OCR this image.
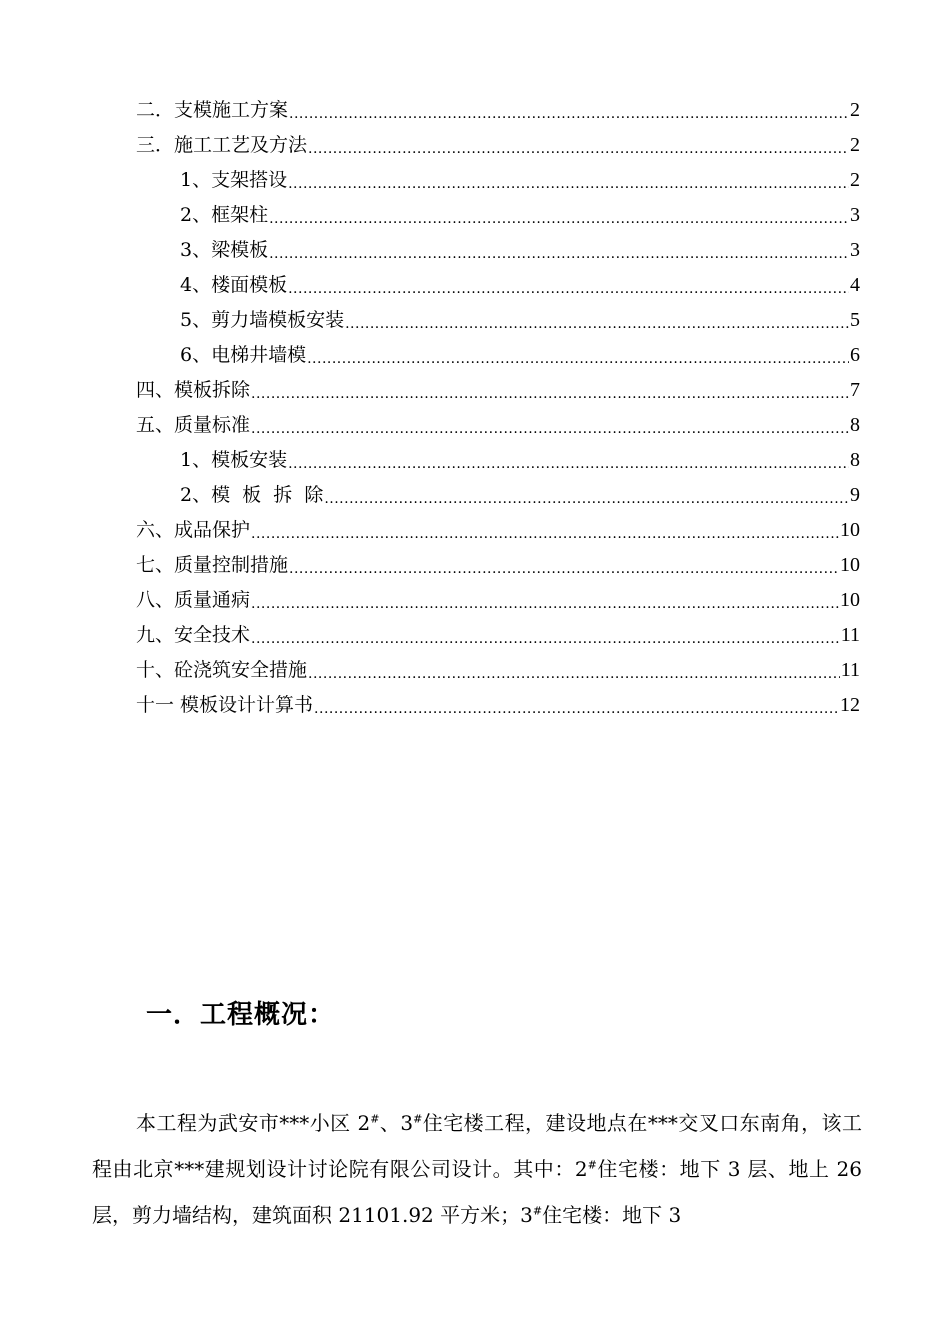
二．支模施工方案 .....	2
三．施工工艺及方法 .....	2
1、支架搭设 .....	2
2、框架柱 .....	3
3、梁模板 .....	3
4、楼面模板 .....	4
5、剪力墙模板安装 .....	5
6、电梯井墙模 .....	6
四、模板拆除 .....	7
五、质量标准 .....	8
1、模板安装 .....	8
2、模  板  拆  除 .....	9
六、成品保护 .....	10
七、质量控制措施 .....	10
八、质量通病 .....	10
九、安全技术 .....	11
十、砼浇筑安全措施 .....	11
十一 模板设计计算书 .....	12
一．工程概况：

本工程为武安市***小区 2#、3#住宅楼工程，建设地点在***交叉口东南角，该工程由北京***建规划设计讨论院有限公司设计。其中：2#住宅楼：地下 3 层、地上 26 层，剪力墙结构，建筑面积 21101.92 平方米；3#住宅楼：地下 3
